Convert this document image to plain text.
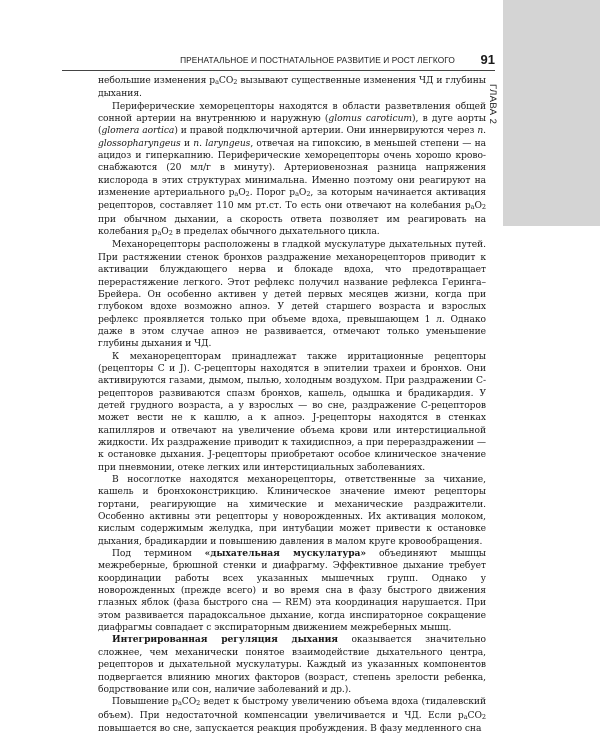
ГЛАВА 2
ПРЕНАТАЛЬНОЕ И ПОСТНАТАЛЬНОЕ РАЗВИТИЕ И РОСТ ЛЕГКОГО 91

небольшие изменения paCO2 вызывают существенные изменения ЧД и глубины дыхания.

Периферические хеморецепторы находятся в области разветвления общей сонной артерии на внутреннюю и наружную (glomus caroticum), в дуге аорты (glomera aortica) и правой подключичной артерии. Они иннервируются через n. glossopharyngeus и n. laryngeus, отвечая на гипоксию, в меньшей степени — на ацидоз и гиперкапнию. Периферические хеморецепторы очень хорошо кровоснабжаются (20 мл/г в минуту). Артериовенозная разница напряжения кислорода в этих структурах минимальна. Именно поэтому они реагируют на изменение артериального paO2. Порог paO2, за которым начинается активация рецепторов, составляет 110 мм рт.ст. То есть они отвечают на колебания paO2 при обычном дыхании, а скорость ответа позволяет им реагировать на колебания paO2 в пределах обычного дыхательного цикла.

Механорецепторы расположены в гладкой мускулатуре дыхательных путей. При растяжении стенок бронхов раздражение механорецепторов приводит к активации блуждающего нерва и блокаде вдоха, что предотвращает перерастяжение легкого. Этот рефлекс получил название рефлекса Геринга–Брейера. Он особенно активен у детей первых месяцев жизни, когда при глубоком вдохе возможно апноэ. У детей старшего возраста и взрослых рефлекс проявляется только при объеме вдоха, превышающем 1 л. Однако даже в этом случае апноэ не развивается, отмечают только уменьшение глубины дыхания и ЧД.

К механорецепторам принадлежат также ирритационные рецепторы (рецепторы C и J). C-рецепторы находятся в эпителии трахеи и бронхов. Они активируются газами, дымом, пылью, холодным воздухом. При раздражении C-рецепторов развиваются спазм бронхов, кашель, одышка и брадикардия. У детей грудного возраста, а у взрослых — во сне, раздражение C-рецепторов может вести не к кашлю, а к апноэ. J-рецепторы находятся в стенках капилляров и отвечают на увеличение объема крови или интерстициальной жидкости. Их раздражение приводит к тахидиспноэ, а при перераздражении — к остановке дыхания. J-рецепторы приобретают особое клиническое значение при пневмонии, отеке легких или интерстициальных заболеваниях.

В носоглотке находятся механорецепторы, ответственные за чихание, кашель и бронхоконстрикцию. Клиническое значение имеют рецепторы гортани, реагирующие на химические и механические раздражители. Особенно активны эти рецепторы у новорожденных. Их активация молоком, кислым содержимым желудка, при интубации может привести к остановке дыхания, брадикардии и повышению давления в малом круге кровообращения.

Под термином «дыхательная мускулатура» объединяют мышцы межреберные, брюшной стенки и диафрагму. Эффективное дыхание требует координации работы всех указанных мышечных групп. Однако у новорожденных (прежде всего) и во время сна в фазу быстрого движения глазных яблок (фаза быстрого сна — REM) эта координация нарушается. При этом развивается парадоксальное дыхание, когда инспираторное сокращение диафрагмы совпадает с экспираторным движением межреберных мышц.

Интегрированная регуляция дыхания оказывается значительно сложнее, чем механически понятое взаимодействие дыхательного центра, рецепторов и дыхательной мускулатуры. Каждый из указанных компонентов подвергается влиянию многих факторов (возраст, степень зрелости ребенка, бодрствование или сон, наличие заболеваний и др.).

Повышение paCO2 ведет к быстрому увеличению объема вдоха (тидалевский объем). При недостаточной компенсации увеличивается и ЧД. Если paCO2 повышается во сне, запускается реакция пробуждения. В фазу медленного сна
